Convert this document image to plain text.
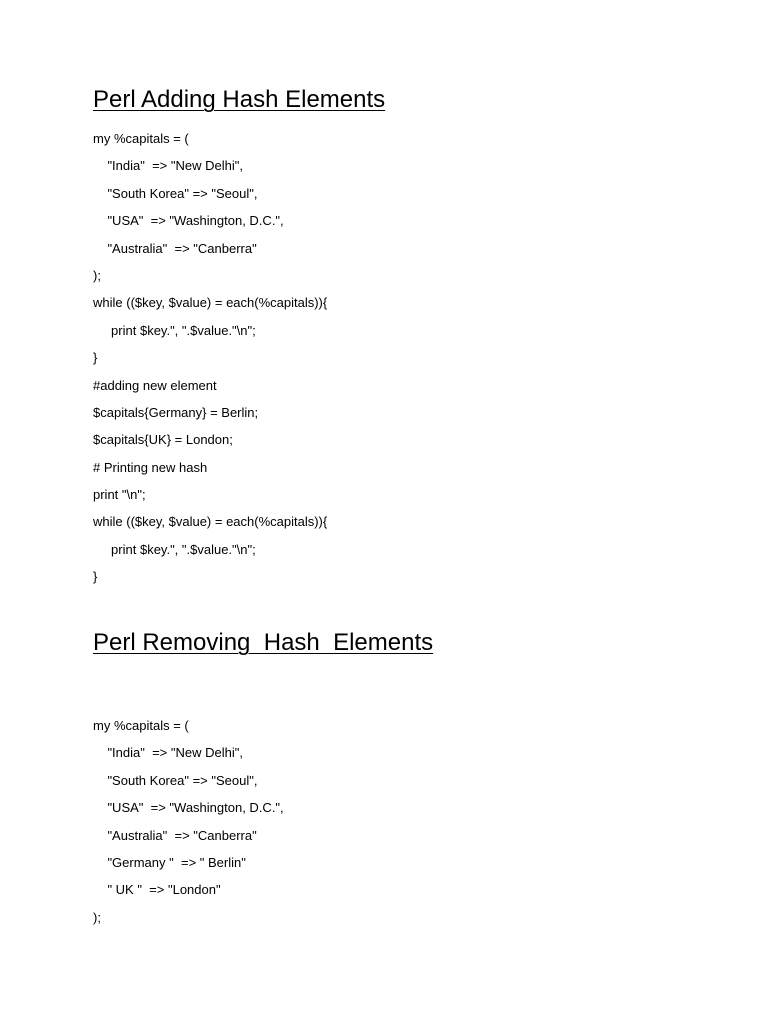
Perl Adding Hash Elements
my %capitals = (
"India"  => "New Delhi",
"South Korea" => "Seoul",
"USA"  => "Washington, D.C.",
"Australia"  => "Canberra"
);
while (($key, $value) = each(%capitals)){
print $key.", ".$value."\n";
}
#adding new element
$capitals{Germany} = Berlin;
$capitals{UK} = London;
# Printing new hash
print "\n";
while (($key, $value) = each(%capitals)){
print $key.", ".$value."\n";
}
Perl Removing  Hash  Elements
my %capitals = (
"India"  => "New Delhi",
"South Korea" => "Seoul",
"USA"  => "Washington, D.C.",
"Australia"  => "Canberra"
"Germany "  => " Berlin"
" UK "  => "London"
);
